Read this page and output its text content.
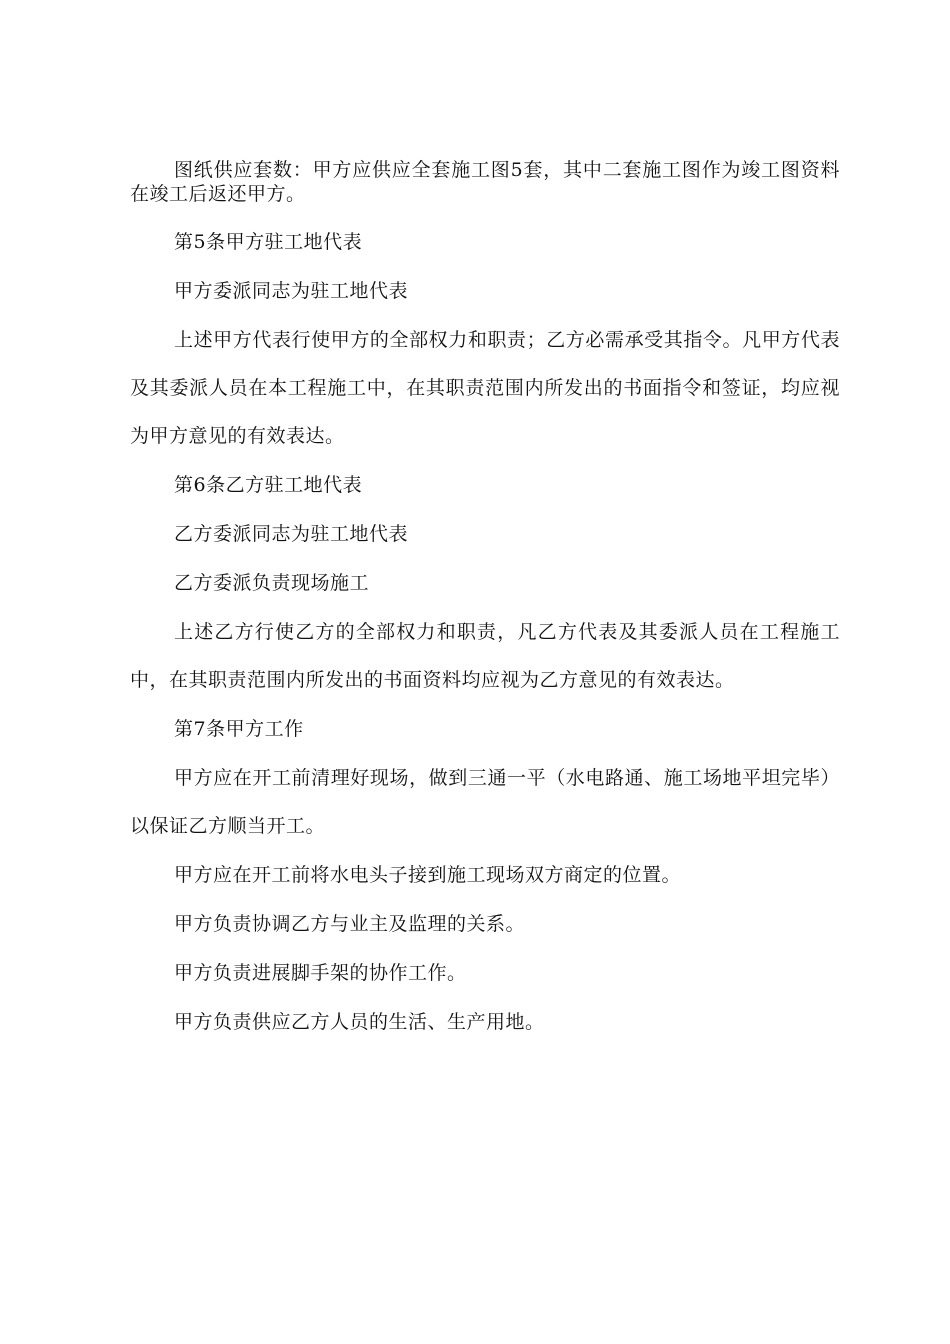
图纸供应套数：甲方应供应全套施工图5套，其中二套施工图作为竣工图资料在竣工后返还甲方。

第5条甲方驻工地代表

甲方委派同志为驻工地代表

上述甲方代表行使甲方的全部权力和职责；乙方必需承受其指令。凡甲方代表及其委派人员在本工程施工中，在其职责范围内所发出的书面指令和签证，均应视为甲方意见的有效表达。

第6条乙方驻工地代表

乙方委派同志为驻工地代表

乙方委派负责现场施工

上述乙方行使乙方的全部权力和职责，凡乙方代表及其委派人员在工程施工中，在其职责范围内所发出的书面资料均应视为乙方意见的有效表达。

第7条甲方工作

甲方应在开工前清理好现场，做到三通一平（水电路通、施工场地平坦完毕）以保证乙方顺当开工。

甲方应在开工前将水电头子接到施工现场双方商定的位置。

甲方负责协调乙方与业主及监理的关系。

甲方负责进展脚手架的协作工作。

甲方负责供应乙方人员的生活、生产用地。
